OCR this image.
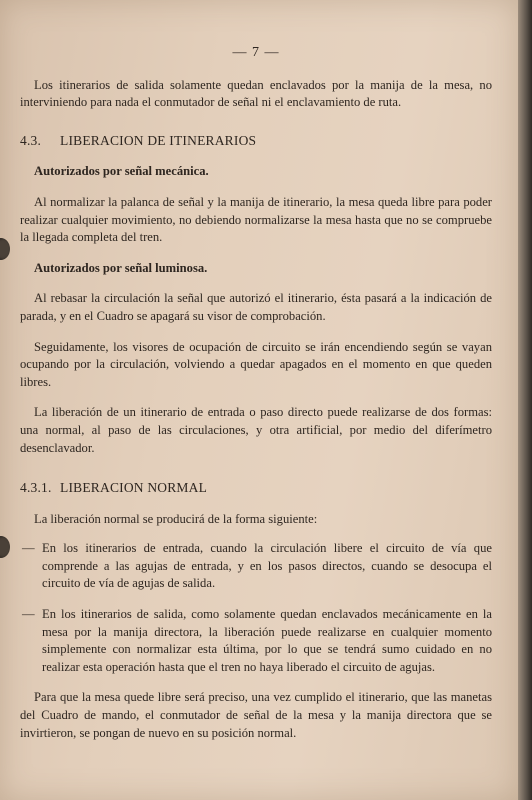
— 7 —

Los itinerarios de salida solamente quedan enclavados por la manija de la mesa, no interviniendo para nada el conmutador de señal ni el enclavamiento de ruta.

4.3. LIBERACION DE ITINERARIOS
Autorizados por señal mecánica.

Al normalizar la palanca de señal y la manija de itinerario, la mesa queda libre para poder realizar cualquier movimiento, no debiendo normalizarse la mesa hasta que no se compruebe la llegada completa del tren.

Autorizados por señal luminosa.

Al rebasar la circulación la señal que autorizó el itinerario, ésta pasará a la indicación de parada, y en el Cuadro se apagará su visor de comprobación.

Seguidamente, los visores de ocupación de circuito se irán encendiendo según se vayan ocupando por la circulación, volviendo a quedar apagados en el momento en que queden libres.

La liberación de un itinerario de entrada o paso directo puede realizarse de dos formas: una normal, al paso de las circulaciones, y otra artificial, por medio del diferímetro desenclavador.

4.3.1. LIBERACION NORMAL

La liberación normal se producirá de la forma siguiente:

— En los itinerarios de entrada, cuando la circulación libere el circuito de vía que comprende a las agujas de entrada, y en los pasos directos, cuando se desocupa el circuito de vía de agujas de salida.

— En los itinerarios de salida, como solamente quedan enclavados mecánicamente en la mesa por la manija directora, la liberación puede realizarse en cualquier momento simplemente con normalizar esta última, por lo que se tendrá sumo cuidado en no realizar esta operación hasta que el tren no haya liberado el circuito de agujas.

Para que la mesa quede libre será preciso, una vez cumplido el itinerario, que las manetas del Cuadro de mando, el conmutador de señal de la mesa y la manija directora que se invirtieron, se pongan de nuevo en su posición normal.
